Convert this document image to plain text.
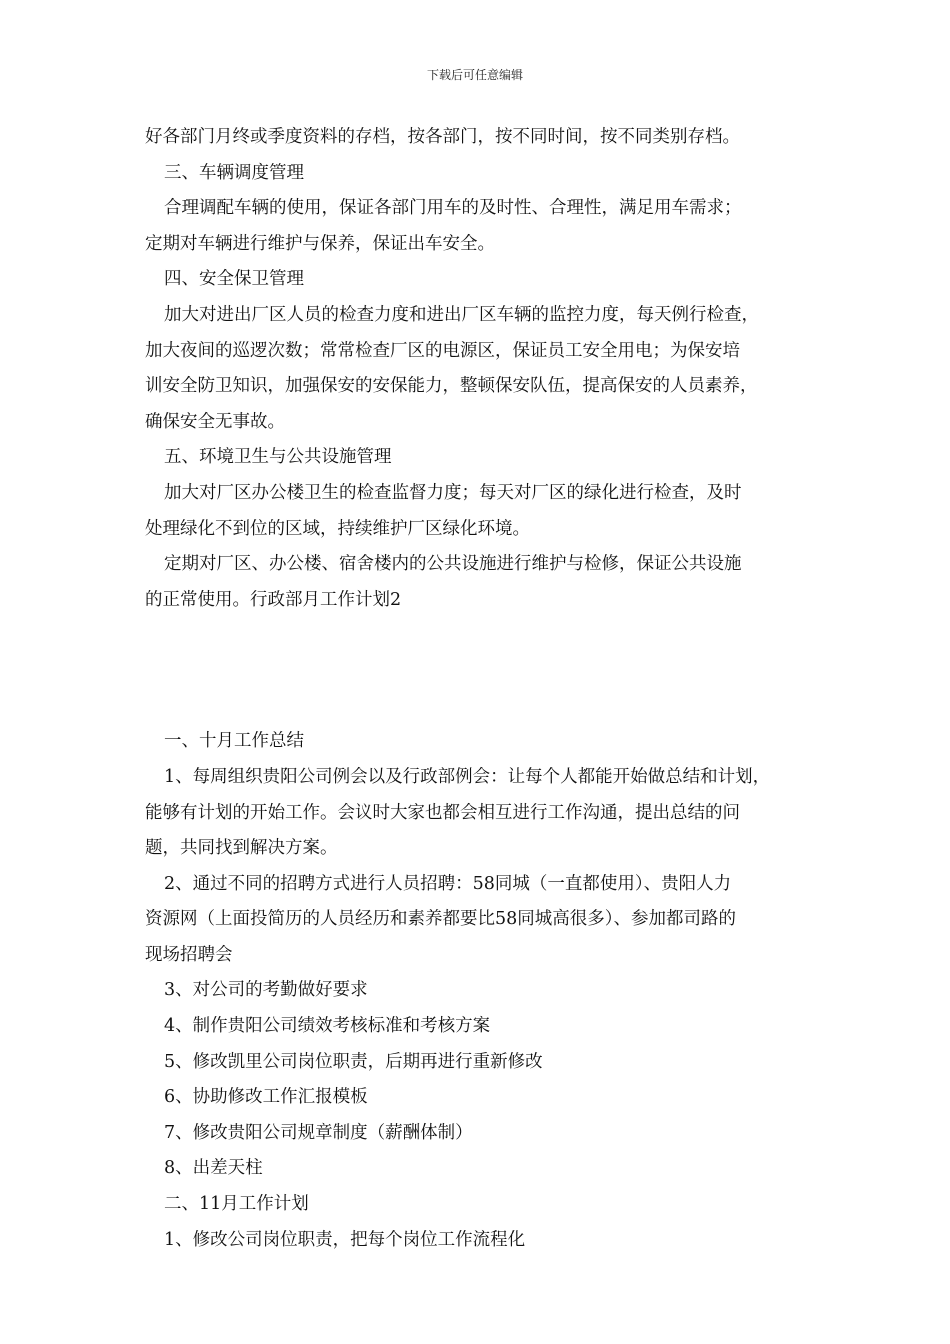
下载后可任意编辑

好各部门月终或季度资料的存档，按各部门，按不同时间，按不同类别存档。

三、车辆调度管理

合理调配车辆的使用，保证各部门用车的及时性、合理性，满足用车需求；

定期对车辆进行维护与保养，保证出车安全。

四、安全保卫管理

加大对进出厂区人员的检查力度和进出厂区车辆的监控力度，每天例行检查，

加大夜间的巡逻次数；常常检查厂区的电源区，保证员工安全用电；为保安培

训安全防卫知识，加强保安的安保能力，整顿保安队伍，提高保安的人员素养，

确保安全无事故。

五、环境卫生与公共设施管理

加大对厂区办公楼卫生的检查监督力度；每天对厂区的绿化进行检查，及时

处理绿化不到位的区域，持续维护厂区绿化环境。

定期对厂区、办公楼、宿舍楼内的公共设施进行维护与检修，保证公共设施

的正常使用。行政部月工作计划2

一、十月工作总结

1、每周组织贵阳公司例会以及行政部例会：让每个人都能开始做总结和计划，

能够有计划的开始工作。会议时大家也都会相互进行工作沟通，提出总结的问

题，共同找到解决方案。

2、通过不同的招聘方式进行人员招聘：58同城（一直都使用）、贵阳人力

资源网（上面投简历的人员经历和素养都要比58同城高很多）、参加都司路的

现场招聘会

3、对公司的考勤做好要求

4、制作贵阳公司绩效考核标准和考核方案

5、修改凯里公司岗位职责，后期再进行重新修改

6、协助修改工作汇报模板

7、修改贵阳公司规章制度（薪酬体制）

8、出差天柱

二、11月工作计划

1、修改公司岗位职责，把每个岗位工作流程化
